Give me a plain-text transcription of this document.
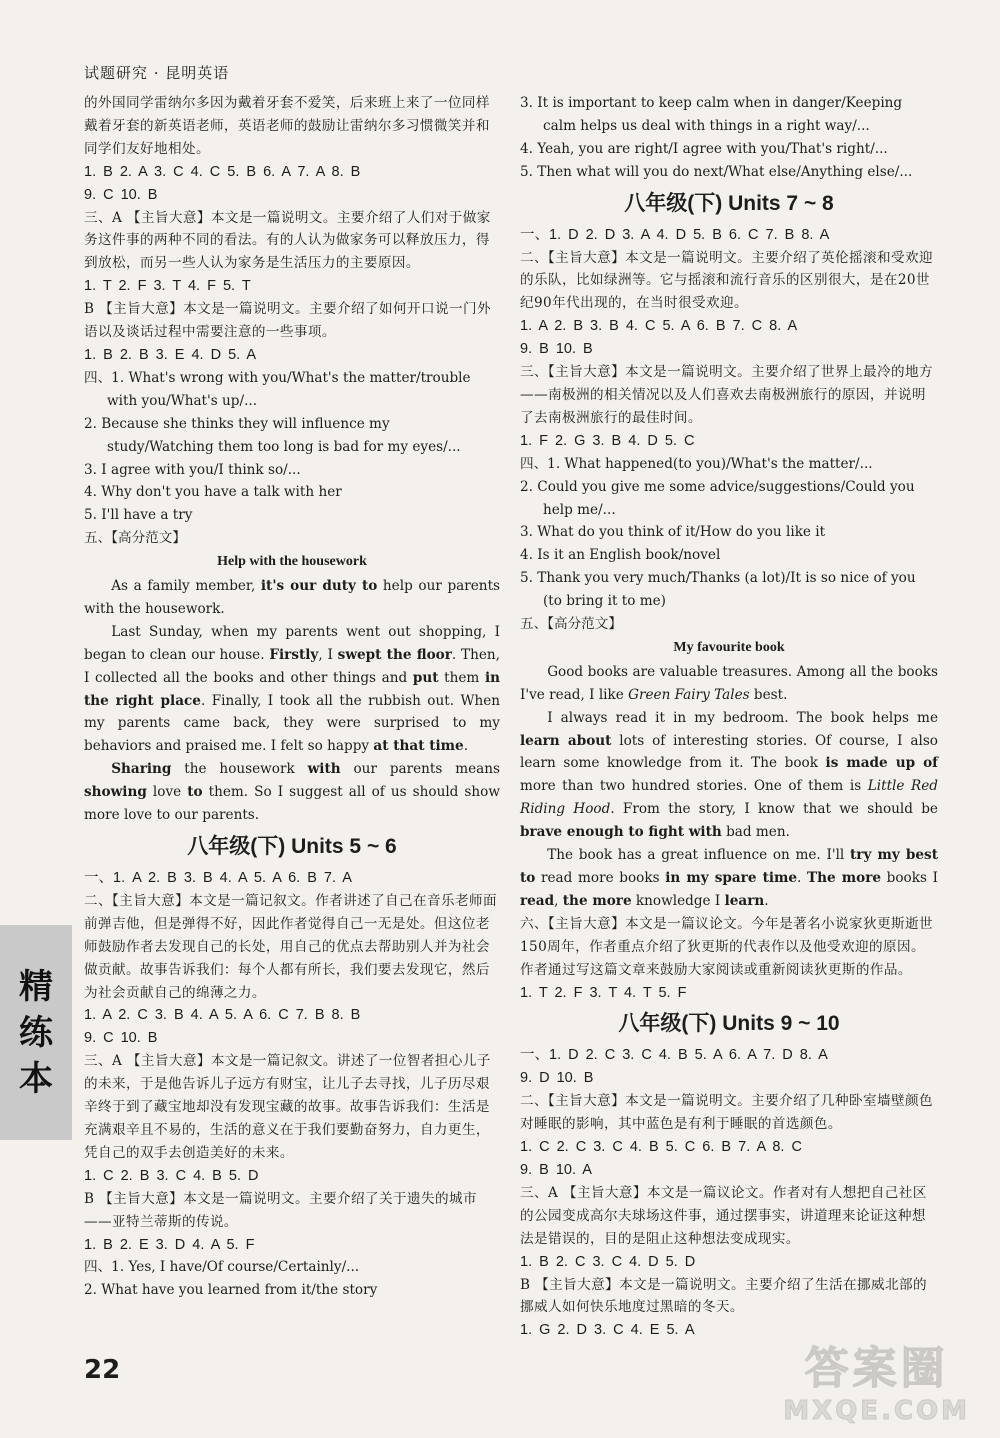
试题研究 · 昆明英语

的外国同学雷纳尔多因为戴着牙套不爱笑，后来班上来了一位同样戴着牙套的新英语老师，英语老师的鼓励让雷纳尔多习惯微笑并和同学们友好地相处。

1. B 2. A 3. C 4. C 5. B 6. A 7. A 8. B

9. C 10. B

三、A 【主旨大意】本文是一篇说明文。主要介绍了人们对于做家务这件事的两种不同的看法。有的人认为做家务可以释放压力，得到放松，而另一些人认为家务是生活压力的主要原因。

1. T 2. F 3. T 4. F 5. T

B 【主旨大意】本文是一篇说明文。主要介绍了如何开口说一门外语以及谈话过程中需要注意的一些事项。

1. B 2. B 3. E 4. D 5. A

四、1. What's wrong with you/What's the matter/trouble with you/What's up/...

2. Because she thinks they will influence my study/Watching them too long is bad for my eyes/...

3. I agree with you/I think so/...

4. Why don't you have a talk with her

5. I'll have a try

五、【高分范文】

Help with the housework

As a family member, it's our duty to help our parents with the housework.

Last Sunday, when my parents went out shopping, I began to clean our house. Firstly, I swept the floor. Then, I collected all the books and other things and put them in the right place. Finally, I took all the rubbish out. When my parents came back, they were surprised to my behaviors and praised me. I felt so happy at that time.

Sharing the housework with our parents means showing love to them. So I suggest all of us should show more love to our parents.

八年级(下) Units 5 ~ 6

一、1. A 2. B 3. B 4. A 5. A 6. B 7. A

二、【主旨大意】本文是一篇记叙文。作者讲述了自己在音乐老师面前弹吉他，但是弹得不好，因此作者觉得自己一无是处。但这位老师鼓励作者去发现自己的长处，用自己的优点去帮助别人并为社会做贡献。故事告诉我们：每个人都有所长，我们要去发现它，然后为社会贡献自己的绵薄之力。

1. A 2. C 3. B 4. A 5. A 6. C 7. B 8. B

9. C 10. B

三、A 【主旨大意】本文是一篇记叙文。讲述了一位智者担心儿子的未来，于是他告诉儿子远方有财宝，让儿子去寻找，儿子历尽艰辛终于到了藏宝地却没有发现宝藏的故事。故事告诉我们：生活是充满艰辛且不易的，生活的意义在于我们要勤奋努力，自力更生，凭自己的双手去创造美好的未来。

1. C 2. B 3. C 4. B 5. D

B 【主旨大意】本文是一篇说明文。主要介绍了关于遗失的城市——亚特兰蒂斯的传说。

1. B 2. E 3. D 4. A 5. F

四、1. Yes, I have/Of course/Certainly/...

2. What have you learned from it/the story

3. It is important to keep calm when in danger/Keeping calm helps us deal with things in a right way/...

4. Yeah, you are right/I agree with you/That's right/...

5. Then what will you do next/What else/Anything else/...

八年级(下) Units 7 ~ 8

一、1. D 2. D 3. A 4. D 5. B 6. C 7. B 8. A

二、【主旨大意】本文是一篇说明文。主要介绍了英伦摇滚和受欢迎的乐队，比如绿洲等。它与摇滚和流行音乐的区别很大，是在20世纪90年代出现的，在当时很受欢迎。

1. A 2. B 3. B 4. C 5. A 6. B 7. C 8. A

9. B 10. B

三、【主旨大意】本文是一篇说明文。主要介绍了世界上最冷的地方——南极洲的相关情况以及人们喜欢去南极洲旅行的原因，并说明了去南极洲旅行的最佳时间。

1. F 2. G 3. B 4. D 5. C

四、1. What happened(to you)/What's the matter/...

2. Could you give me some advice/suggestions/Could you help me/...

3. What do you think of it/How do you like it

4. Is it an English book/novel

5. Thank you very much/Thanks (a lot)/It is so nice of you (to bring it to me)

五、【高分范文】

My favourite book

Good books are valuable treasures. Among all the books I've read, I like Green Fairy Tales best.

I always read it in my bedroom. The book helps me learn about lots of interesting stories. Of course, I also learn some knowledge from it. The book is made up of more than two hundred stories. One of them is Little Red Riding Hood. From the story, I know that we should be brave enough to fight with bad men.

The book has a great influence on me. I'll try my best to read more books in my spare time. The more books I read, the more knowledge I learn.

六、【主旨大意】本文是一篇议论文。今年是著名小说家狄更斯逝世150周年，作者重点介绍了狄更斯的代表作以及他受欢迎的原因。作者通过写这篇文章来鼓励大家阅读或重新阅读狄更斯的作品。

1. T 2. F 3. T 4. T 5. F

八年级(下) Units 9 ~ 10

一、1. D 2. C 3. C 4. B 5. A 6. A 7. D 8. A

9. D 10. B

二、【主旨大意】本文是一篇说明文。主要介绍了几种卧室墙壁颜色对睡眠的影响，其中蓝色是有利于睡眠的首选颜色。

1. C 2. C 3. C 4. B 5. C 6. B 7. A 8. C

9. B 10. A

三、A 【主旨大意】本文是一篇议论文。作者对有人想把自己社区的公园变成高尔夫球场这件事，通过摆事实，讲道理来论证这种想法是错误的，目的是阻止这种想法变成现实。

1. B 2. C 3. C 4. D 5. D

B 【主旨大意】本文是一篇说明文。主要介绍了生活在挪威北部的挪威人如何快乐地度过黑暗的冬天。

1. G 2. D 3. C 4. E 5. A

精
练
本
22	答案圈
MXQE.COM
